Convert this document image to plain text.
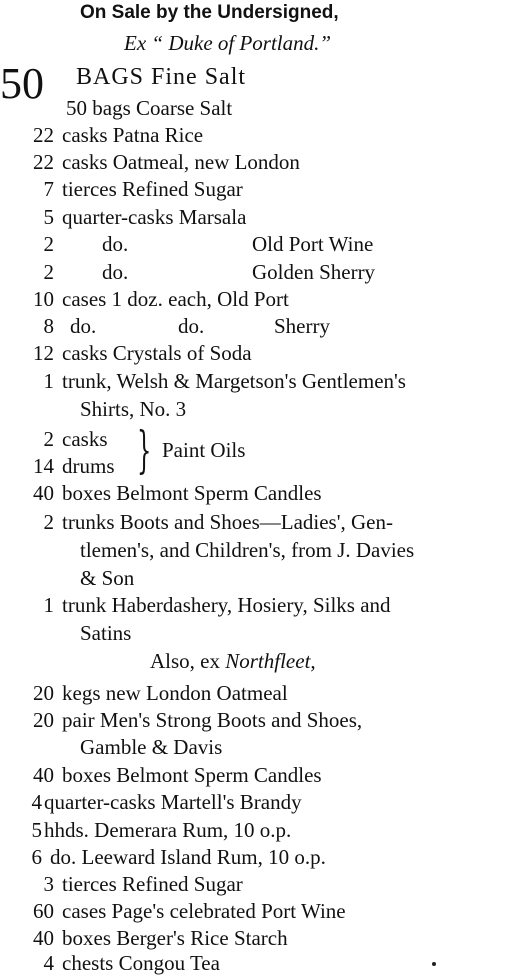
On Sale by the Undersigned,
Ex “ Duke of Portland.”
50 BAGS Fine Salt
50 bags Coarse Salt
22 casks Patna Rice
22 casks Oatmeal, new London
7 tierces Refined Sugar
5 quarter-casks Marsala
2 do.	Old Port Wine
2 do.	Golden Sherry
10 cases 1 doz. each, Old Port
8 do.	do.	Sherry
12 casks Crystals of Soda
1 trunk, Welsh & Margetson's Gentlemen's
Shirts, No. 3
2 casks
14 drums } Paint Oils
40 boxes Belmont Sperm Candles
2 trunks Boots and Shoes—Ladies', Gen-
tlemen's, and Children's, from J. Davies
& Son
1 trunk Haberdashery, Hosiery, Silks and
Satins
Also, ex Northfleet,
20 kegs new London Oatmeal
20 pair Men's Strong Boots and Shoes,
Gamble & Davis
40 boxes Belmont Sperm Candles
4quarter-casks Martell's Brandy
5hhds. Demerara Rum, 10 o.p.
6 do. Leeward Island Rum, 10 o.p.
3 tierces Refined Sugar
60 cases Page's celebrated Port Wine
40 boxes Berger's Rice Starch
4 chests Congou Tea
